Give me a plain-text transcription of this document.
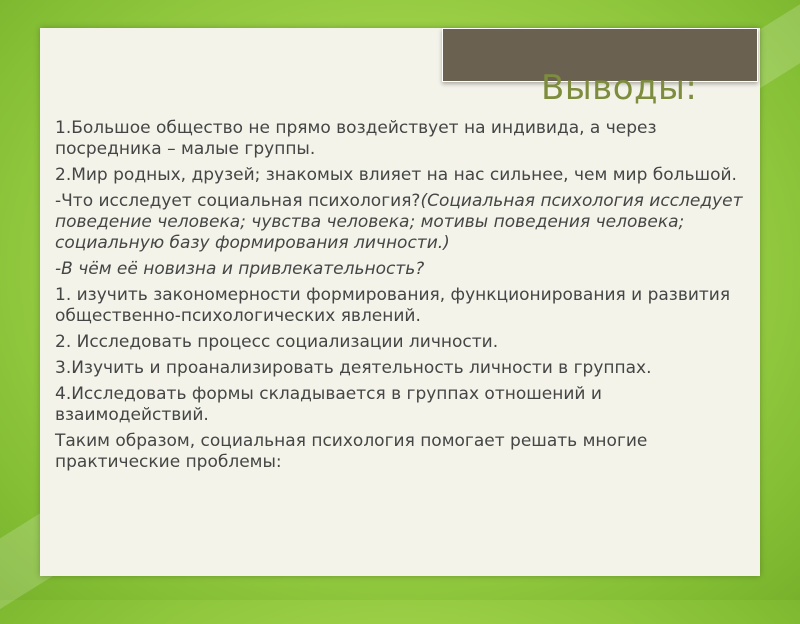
Выводы:

1.Большое общество не прямо воздействует на индивида, а через посредника – малые группы.

2.Мир родных, друзей; знакомых влияет на нас сильнее, чем мир большой.

-Что исследует социальная психология?(Социальная психология исследует поведение человека; чувства человека; мотивы поведения человека; социальную базу формирования личности.)

-В чём её новизна и привлекательность?

1. изучить закономерности формирования, функционирования и развития общественно-психологических явлений.

2. Исследовать процесс социализации личности.

3.Изучить и проанализировать деятельность личности в группах.

4.Исследовать формы складывается в группах отношений и взаимодействий.

Таким образом, социальная психология помогает решать многие практические проблемы:
